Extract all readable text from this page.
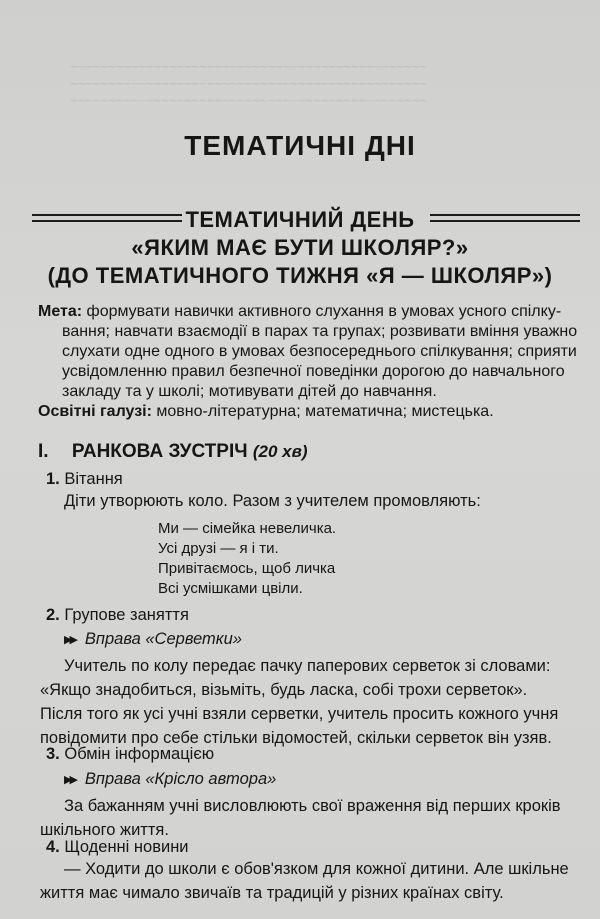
~~~~~~~~~~~~~~~~~~~~~~~~~~~~~~~~~~~~~~~~~~~~~~~
~~~~~~~~~~~~~~~~~~~~~~~~~~~~~~~~~~~~~~~~~~~~~~~
~~~~~~~~~~~~~~~~~~~~~~~~~~~~~~~~~~~~~~~~~~~~~~~
ТЕМАТИЧНІ ДНІ
ТЕМАТИЧНИЙ ДЕНЬ
«ЯКИМ МАЄ БУТИ ШКОЛЯР?»
(ДО ТЕМАТИЧНОГО ТИЖНЯ «Я — ШКОЛЯР»)
Мета: формувати навички активного слухання в умовах усного спілку-
вання; навчати взаємодії в парах та групах; розвивати вміння уважно
слухати одне одного в умовах безпосереднього спілкування; сприяти
усвідомленню правил безпечної поведінки дорогою до навчального
закладу та у школі; мотивувати дітей до навчання.
Освітні галузі: мовно-літературна; математична; мистецька.
I. РАНКОВА ЗУСТРІЧ (20 хв)
1. Вітання
Діти утворюють коло. Разом з учителем промовляють:
Ми — сімейка невеличка.
Усі друзі — я і ти.
Привітаємось, щоб личка
Всі усмішками цвіли.
2. Групове заняття
▶▶ Вправа «Серветки»
Учитель по колу передає пачку паперових серветок зі словами:
«Якщо знадобиться, візьміть, будь ласка, собі трохи серветок».
Після того як усі учні взяли серветки, учитель просить кожного учня
повідомити про себе стільки відомостей, скільки серветок він узяв.
3. Обмін інформацією
▶▶ Вправа «Крісло автора»
За бажанням учні висловлюють свої враження від перших кроків
шкільного життя.
4. Щоденні новини
— Ходити до школи є обов'язком для кожної дитини. Але шкільне
життя має чимало звичаїв та традицій у різних країнах світу.
